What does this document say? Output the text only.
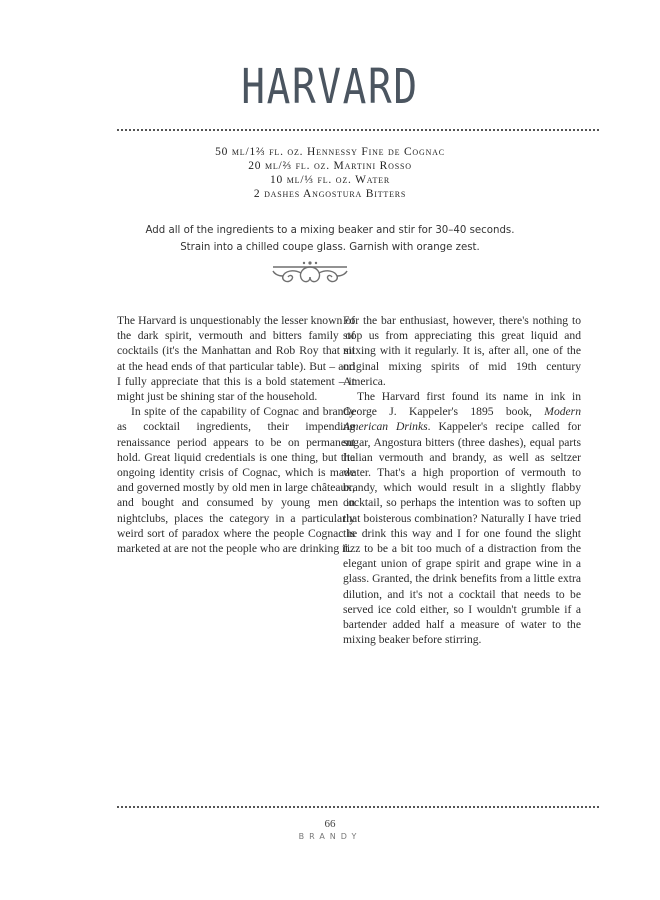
HARVARD
50 ml/1⅔ fl. oz. Hennessy Fine de Cognac
20 ml/⅔ fl. oz. Martini Rosso
10 ml/⅓ fl. oz. Water
2 dashes Angostura Bitters
Add all of the ingredients to a mixing beaker and stir for 30–40 seconds.
Strain into a chilled coupe glass. Garnish with orange zest.

The Harvard is unquestionably the lesser known of the dark spirit, vermouth and bitters family of cocktails (it's the Manhattan and Rob Roy that sit at the head ends of that particular table). But – and I fully appreciate that this is a bold statement – it might just be shining star of the household.

In spite of the capability of Cognac and brandy as cocktail ingredients, their impending renaissance period appears to be on permanent hold. Great liquid credentials is one thing, but the ongoing identity crisis of Cognac, which is made and governed mostly by old men in large châteaux, and bought and consumed by young men in nightclubs, places the category in a particularly weird sort of paradox where the people Cognac is marketed at are not the people who are drinking it.

For the bar enthusiast, however, there's nothing to stop us from appreciating this great liquid and mixing with it regularly. It is, after all, one of the original mixing spirits of mid 19th century America.

The Harvard first found its name in ink in George J. Kappeler's 1895 book, Modern American Drinks. Kappeler's recipe called for sugar, Angostura bitters (three dashes), equal parts Italian vermouth and brandy, as well as seltzer water. That's a high proportion of vermouth to brandy, which would result in a slightly flabby cocktail, so perhaps the intention was to soften up that boisterous combination? Naturally I have tried the drink this way and I for one found the slight fizz to be a bit too much of a distraction from the elegant union of grape spirit and grape wine in a glass. Granted, the drink benefits from a little extra dilution, and it's not a cocktail that needs to be served ice cold either, so I wouldn't grumble if a bartender added half a measure of water to the mixing beaker before stirring.

66
BRANDY
